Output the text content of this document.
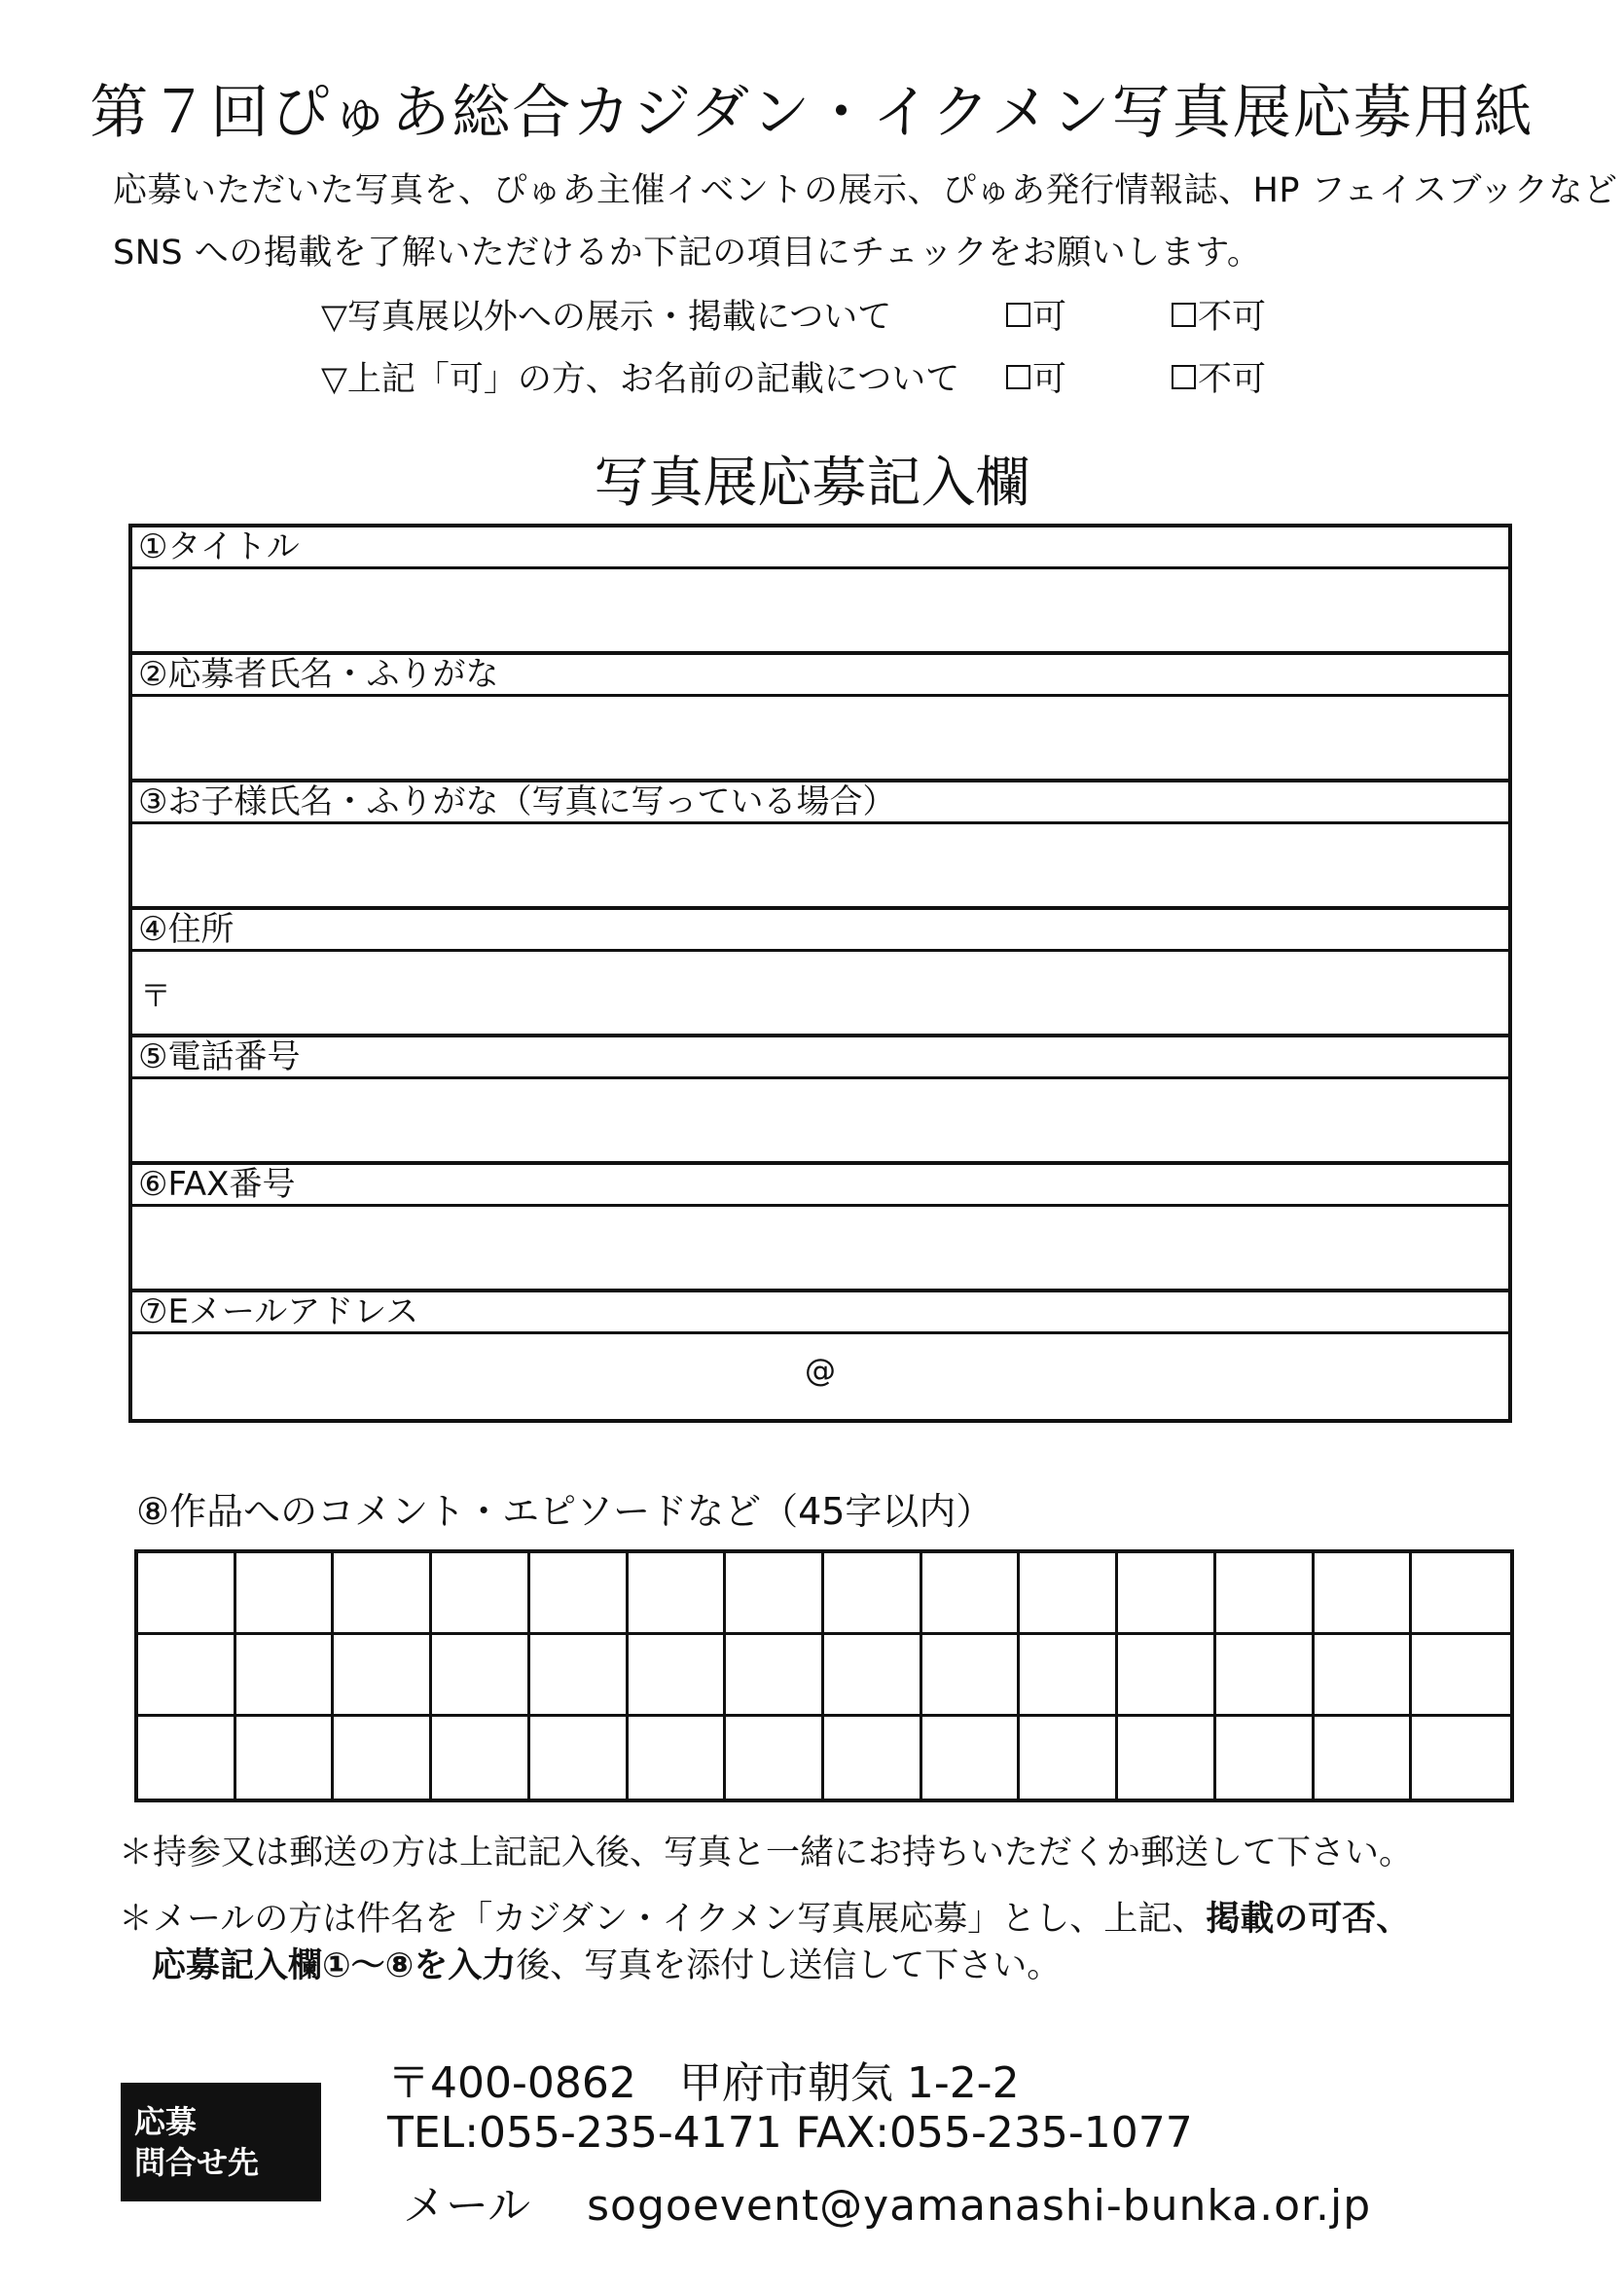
第７回ぴゅあ総合カジダン・イクメン写真展応募用紙
応募いただいた写真を、ぴゅあ主催イベントの展示、ぴゅあ発行情報誌、HP フェイスブックなど
SNS への掲載を了解いただけるか下記の項目にチェックをお願いします。
▽写真展以外への展示・掲載について	可	不可
▽上記「可」の方、お名前の記載について 可	不可
写真展応募記入欄
①タイトル
②応募者氏名・ふりがな
③お子様氏名・ふりがな（写真に写っている場合）
④住所
〒
⑤電話番号
⑥FAX番号
⑦Eメールアドレス
@
⑧作品へのコメント・エピソードなど（45字以内）
＊持参又は郵送の方は上記記入後、写真と一緒にお持ちいただくか郵送して下さい。
＊メールの方は件名を「カジダン・イクメン写真展応募」とし、上記、掲載の可否、
応募記入欄①～⑧を入力後、写真を添付し送信して下さい。
応募
問合せ先
〒400-0862　甲府市朝気 1-2-2
TEL:055-235-4171 FAX:055-235-1077
メール sogoevent@yamanashi-bunka.or.jp
